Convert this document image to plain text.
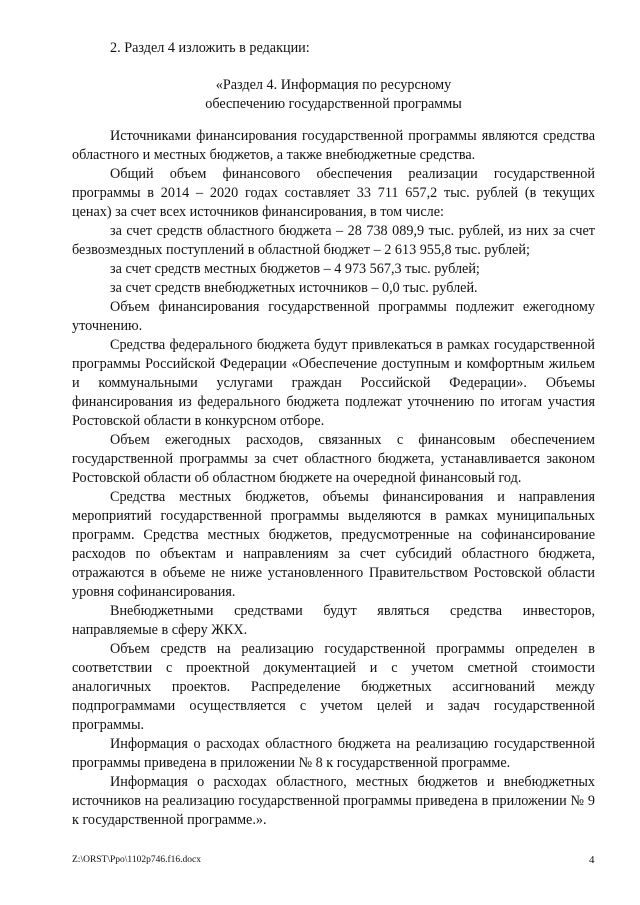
2. Раздел 4 изложить в редакции:
«Раздел 4. Информация по ресурсному
обеспечению государственной программы

Источниками финансирования государственной программы являются средства областного и местных бюджетов, а также внебюджетные средства.

Общий объем финансового обеспечения реализации государственной программы в 2014 – 2020 годах составляет 33 711 657,2 тыс. рублей (в текущих ценах) за счет всех источников финансирования, в том числе:

за счет средств областного бюджета – 28 738 089,9 тыс. рублей, из них за счет безвозмездных поступлений в областной бюджет – 2 613 955,8 тыс. рублей;

за счет средств местных бюджетов – 4 973 567,3 тыс. рублей;

за счет средств внебюджетных источников – 0,0 тыс. рублей.

Объем финансирования государственной программы подлежит ежегодному уточнению.

Средства федерального бюджета будут привлекаться в рамках государственной программы Российской Федерации «Обеспечение доступным и комфортным жильем и коммунальными услугами граждан Российской Федерации». Объемы финансирования из федерального бюджета подлежат уточнению по итогам участия Ростовской области в конкурсном отборе.

Объем ежегодных расходов, связанных с финансовым обеспечением государственной программы за счет областного бюджета, устанавливается законом Ростовской области об областном бюджете на очередной финансовый год.

Средства местных бюджетов, объемы финансирования и направления мероприятий государственной программы выделяются в рамках муниципальных программ. Средства местных бюджетов, предусмотренные на софинансирование расходов по объектам и направлениям за счет субсидий областного бюджета, отражаются в объеме не ниже установленного Правительством Ростовской области уровня софинансирования.

Внебюджетными средствами будут являться средства инвесторов, направляемые в сферу ЖКХ.

Объем средств на реализацию государственной программы определен в соответствии с проектной документацией и с учетом сметной стоимости аналогичных проектов. Распределение бюджетных ассигнований между подпрограммами осуществляется с учетом целей и задач государственной программы.

Информация о расходах областного бюджета на реализацию государственной программы приведена в приложении № 8 к государственной программе.

Информация о расходах областного, местных бюджетов и внебюджетных источников на реализацию государственной программы приведена в приложении № 9 к государственной программе.».

Z:\ORST\Ppo\1102p746.f16.docx	4
